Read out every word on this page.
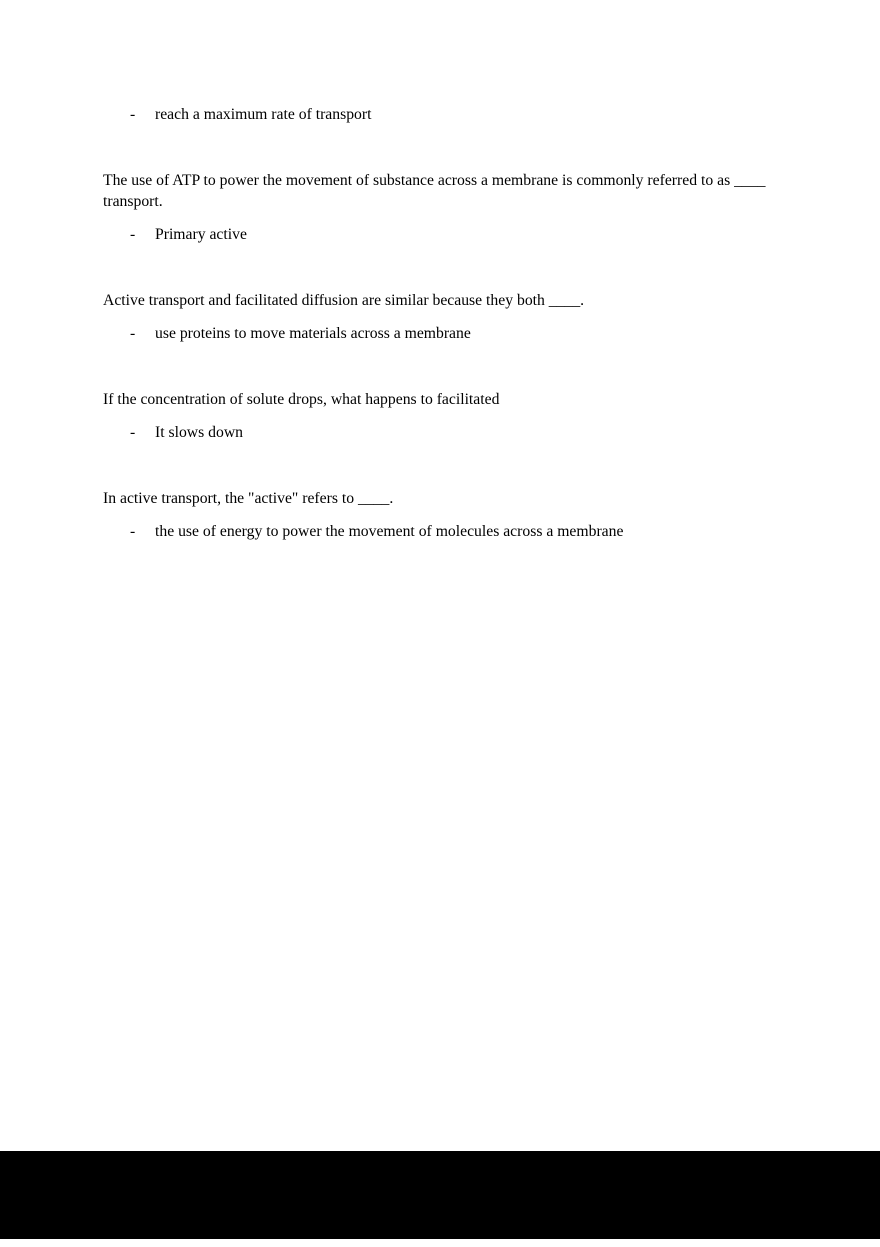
-	reach a maximum rate of transport

The use of ATP to power the movement of substance across a membrane is commonly referred to as ____ transport.

-	Primary active

Active transport and facilitated diffusion are similar because they both ____.

-	use proteins to move materials across a membrane

If the concentration of solute drops, what happens to facilitated

-	It slows down

In active transport, the "active" refers to ____.

-	the use of energy to power the movement of molecules across a membrane
